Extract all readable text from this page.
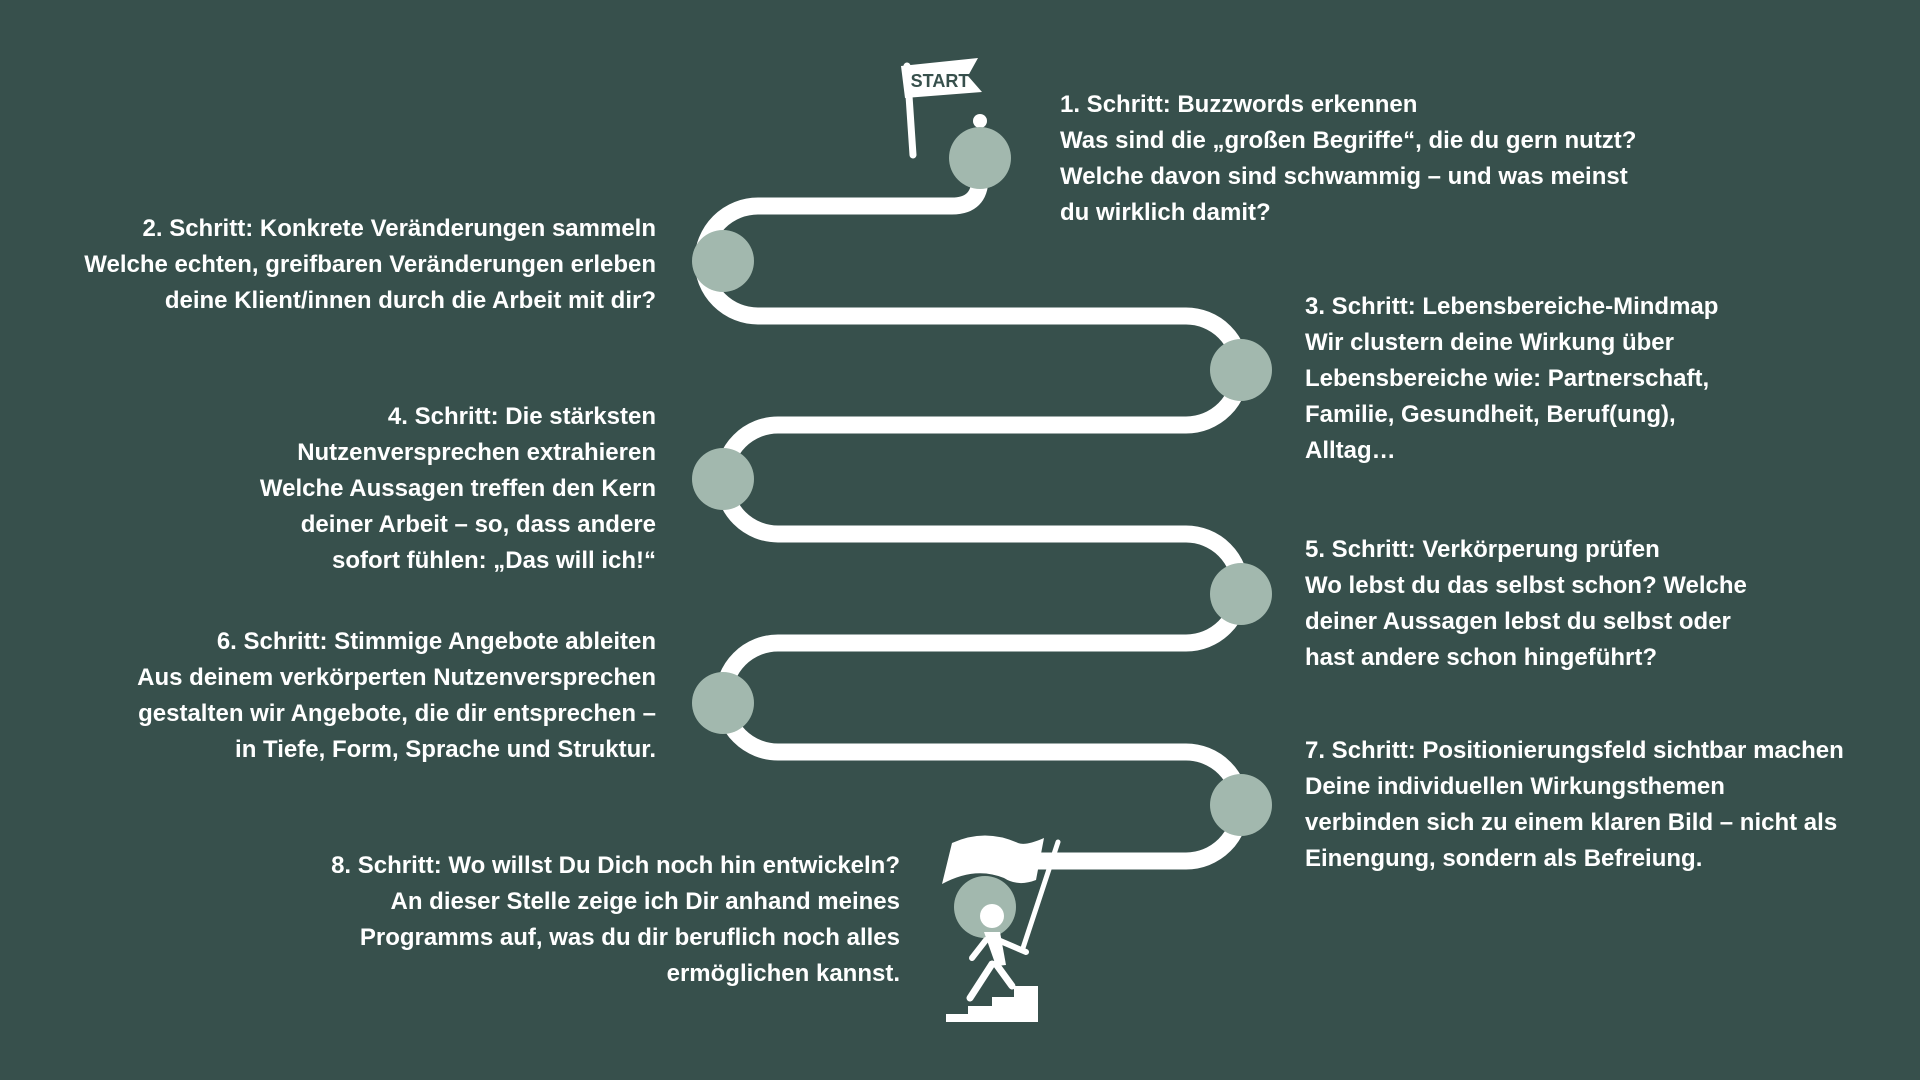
START
1. Schritt: Buzzwords erkennen
Was sind die „großen Begriffe“, die du gern nutzt?
Welche davon sind schwammig – und was meinst
du wirklich damit?
2. Schritt: Konkrete Veränderungen sammeln
Welche echten, greifbaren Veränderungen erleben
deine Klient/innen durch die Arbeit mit dir?	3. Schritt: Lebensbereiche-Mindmap
Wir clustern deine Wirkung über
Lebensbereiche wie: Partnerschaft,
Familie, Gesundheit, Beruf(ung),
Alltag…
4. Schritt: Die stärksten
Nutzenversprechen extrahieren
Welche Aussagen treffen den Kern
deiner Arbeit – so, dass andere
sofort fühlen: „Das will ich!“	5. Schritt: Verkörperung prüfen
Wo lebst du das selbst schon? Welche
deiner Aussagen lebst du selbst oder
hast andere schon hingeführt?
6. Schritt: Stimmige Angebote ableiten
Aus deinem verkörperten Nutzenversprechen
gestalten wir Angebote, die dir entsprechen –
in Tiefe, Form, Sprache und Struktur.	7. Schritt: Positionierungsfeld sichtbar machen
Deine individuellen Wirkungsthemen
verbinden sich zu einem klaren Bild – nicht als
Einengung, sondern als Befreiung.
8. Schritt: Wo willst Du Dich noch hin entwickeln?
An dieser Stelle zeige ich Dir anhand meines
Programms auf, was du dir beruflich noch alles
ermöglichen kannst.
